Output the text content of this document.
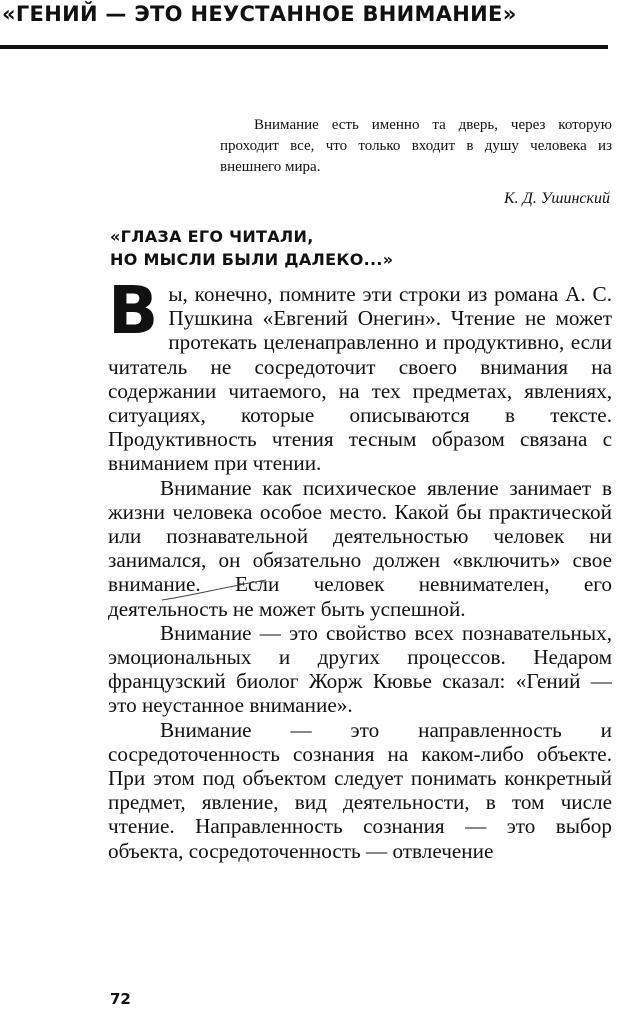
«ГЕНИЙ — ЭТО НЕУСТАННОЕ ВНИМАНИЕ»

Внимание есть именно та дверь, через которую проходит все, что только входит в душу человека из внешнего мира.

К. Д. Ушинский
«ГЛАЗА ЕГО ЧИТАЛИ,
НО МЫСЛИ БЫЛИ ДАЛЕКО...»

Вы, конечно, помните эти строки из романа А. С. Пушкина «Евгений Онегин». Чтение не может протекать целенаправленно и продуктивно, если читатель не сосредоточит своего внимания на содержании читаемого, на тех предметах, явлениях, ситуациях, которые описываются в тексте. Продуктивность чтения тесным образом связана с вниманием при чтении.

Внимание как психическое явление занимает в жизни человека особое место. Какой бы практической или познавательной деятельностью человек ни занимался, он обязательно должен «включить» свое внимание. Если человек невнимателен, его деятельность не может быть успешной.

Внимание — это свойство всех познавательных, эмоциональных и других процессов. Недаром французский биолог Жорж Кювье сказал: «Гений — это неустанное внимание».

Внимание — это направленность и сосредоточенность сознания на каком-либо объекте. При этом под объектом следует понимать конкретный предмет, явление, вид деятельности, в том числе чтение. Направленность сознания — это выбор объекта, сосредоточенность — отвлечение

72
